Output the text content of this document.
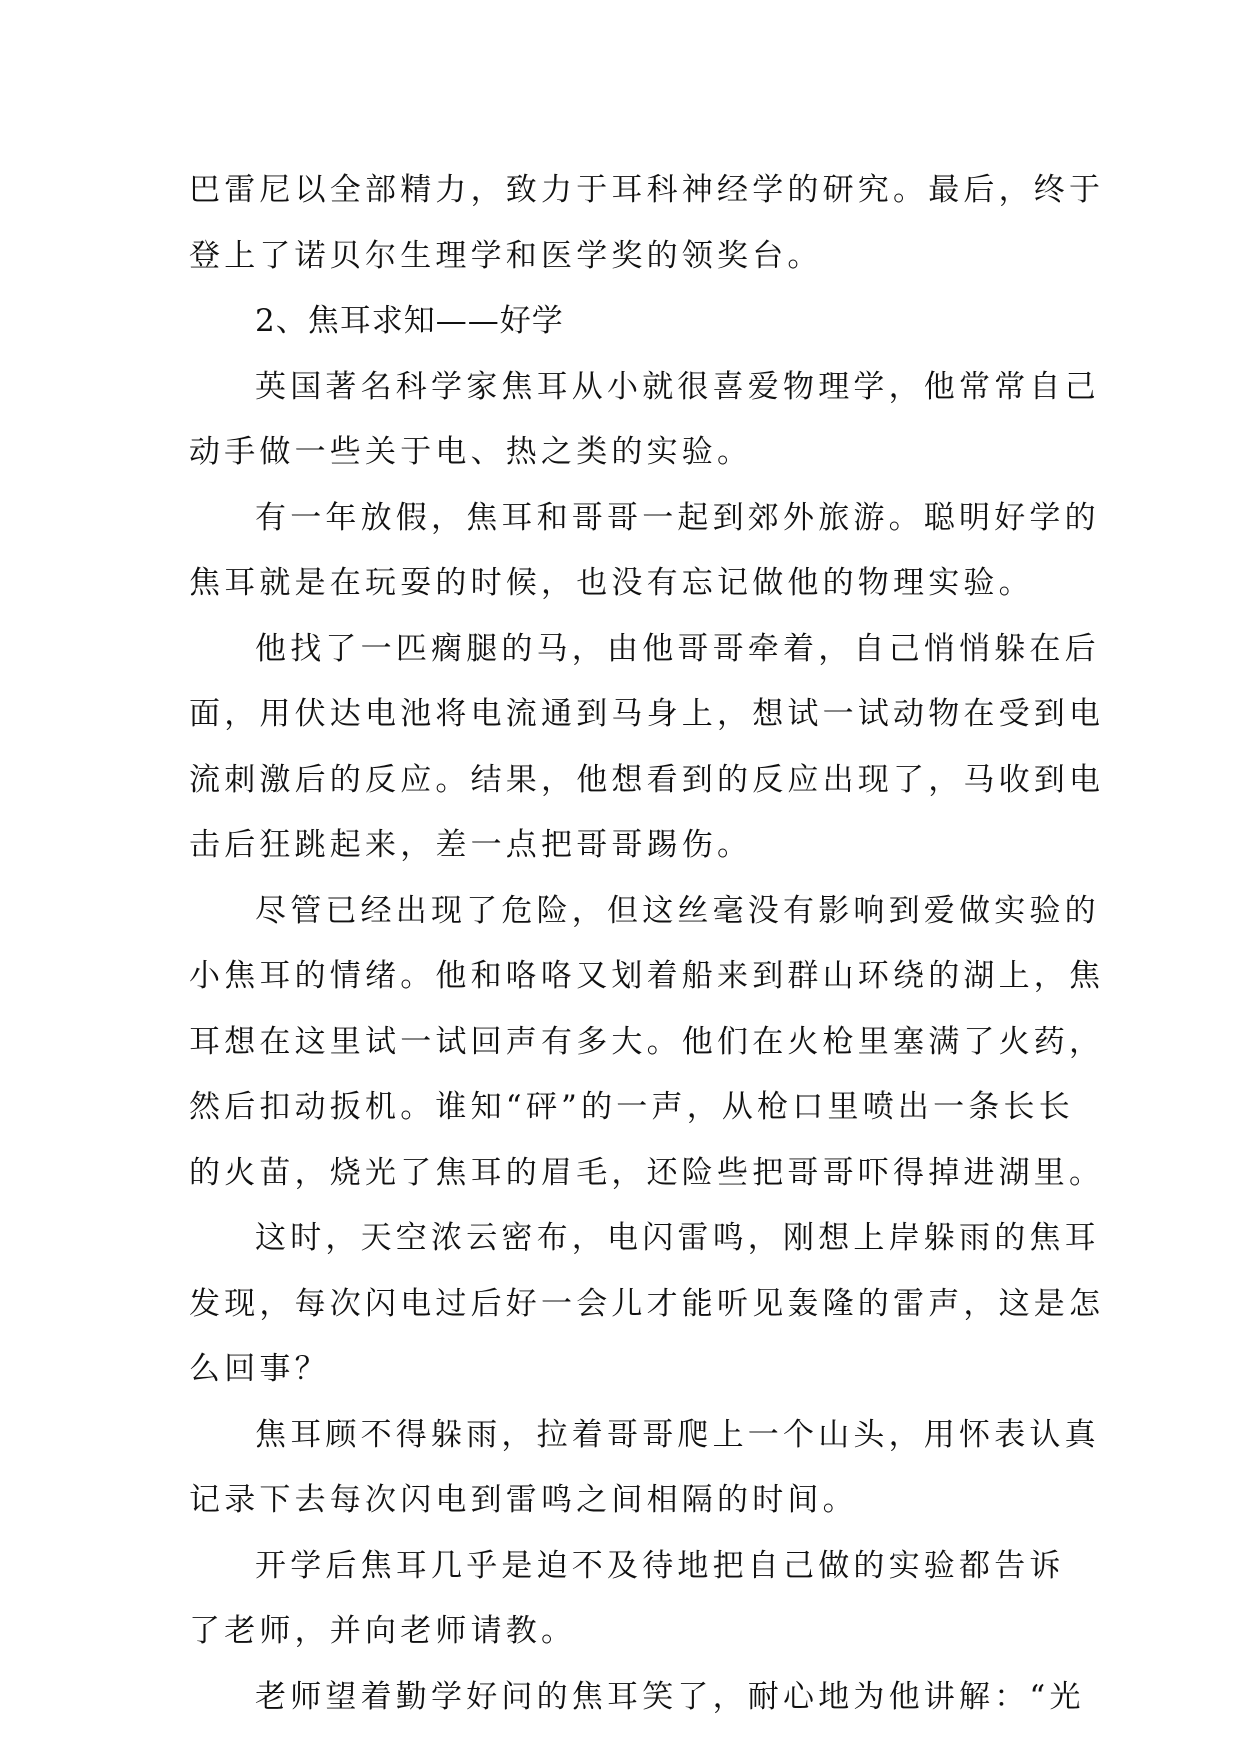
巴雷尼以全部精力，致力于耳科神经学的研究。最后，终于
登上了诺贝尔生理学和医学奖的领奖台。
2、焦耳求知——好学
英国著名科学家焦耳从小就很喜爱物理学，他常常自己
动手做一些关于电、热之类的实验。
有一年放假，焦耳和哥哥一起到郊外旅游。聪明好学的
焦耳就是在玩耍的时候，也没有忘记做他的物理实验。
他找了一匹瘸腿的马，由他哥哥牵着，自己悄悄躲在后
面，用伏达电池将电流通到马身上，想试一试动物在受到电
流刺激后的反应。结果，他想看到的反应出现了，马收到电
击后狂跳起来，差一点把哥哥踢伤。
尽管已经出现了危险，但这丝毫没有影响到爱做实验的
小焦耳的情绪。他和咯咯又划着船来到群山环绕的湖上，焦
耳想在这里试一试回声有多大。他们在火枪里塞满了火药，
然后扣动扳机。谁知“砰”的一声，从枪口里喷出一条长长
的火苗，烧光了焦耳的眉毛，还险些把哥哥吓得掉进湖里。
这时，天空浓云密布，电闪雷鸣，刚想上岸躲雨的焦耳
发现，每次闪电过后好一会儿才能听见轰隆的雷声，这是怎
么回事？
焦耳顾不得躲雨，拉着哥哥爬上一个山头，用怀表认真
记录下去每次闪电到雷鸣之间相隔的时间。
开学后焦耳几乎是迫不及待地把自己做的实验都告诉
了老师，并向老师请教。
老师望着勤学好问的焦耳笑了，耐心地为他讲解：“光
